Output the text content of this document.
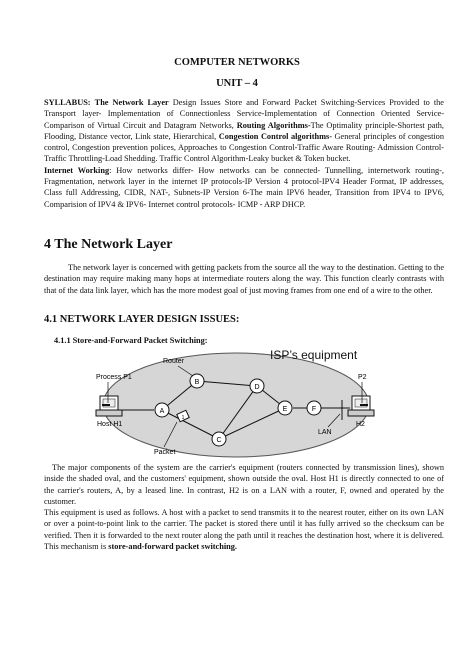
COMPUTER NETWORKS
UNIT – 4
SYLLABUS: The Network Layer Design Issues Store and Forward Packet Switching-Services Provided to the Transport layer- Implementation of Connectionless Service-Implementation of Connection Oriented Service- Comparison of Virtual Circuit and Datagram Networks, Routing Algorithms-The Optimality principle-Shortest path, Flooding, Distance vector, Link state, Hierarchical, Congestion Control algorithms- General principles of congestion control, Congestion prevention polices, Approaches to Congestion Control-Traffic Aware Routing- Admission Control-Traffic Throttling-Load Shedding. Traffic Control Algorithm-Leaky bucket & Token bucket.
Internet Working: How networks differ- How networks can be connected- Tunnelling, internetwork routing-, Fragmentation, network layer in the internet IP protocols-IP Version 4 protocol-IPV4 Header Format, IP addresses, Class full Addressing, CIDR, NAT-, Subnets-IP Version 6-The main IPV6 header, Transition from IPV4 to IPV6, Comparision of IPV4 & IPV6- Internet control protocols- ICMP - ARP DHCP.
4 The Network Layer
The network layer is concerned with getting packets from the source all the way to the destination. Getting to the destination may require making many hops at intermediate routers along the way. This function clearly contrasts with that of the data link layer, which has the more modest goal of just moving frames from one end of a wire to the other.
4.1 NETWORK LAYER DESIGN ISSUES:
4.1.1 Store-and-Forward Packet Switching:
ISP’s equipment
A
B
C
D
E	F
Router
1
Packet
Process P1
Host H1
P2
H2
LAN

The major components of the system are the carrier's equipment (routers connected by transmission lines), shown inside the shaded oval, and the customers' equipment, shown outside the oval. Host H1 is directly connected to one of the carrier's routers, A, by a leased line. In contrast, H2 is on a LAN with a router, F, owned and operated by the customer.

This equipment is used as follows. A host with a packet to send transmits it to the nearest router, either on its own LAN or over a point-to-point link to the carrier. The packet is stored there until it has fully arrived so the checksum can be verified. Then it is forwarded to the next router along the path until it reaches the destination host, where it is delivered. This mechanism is store-and-forward packet switching.
